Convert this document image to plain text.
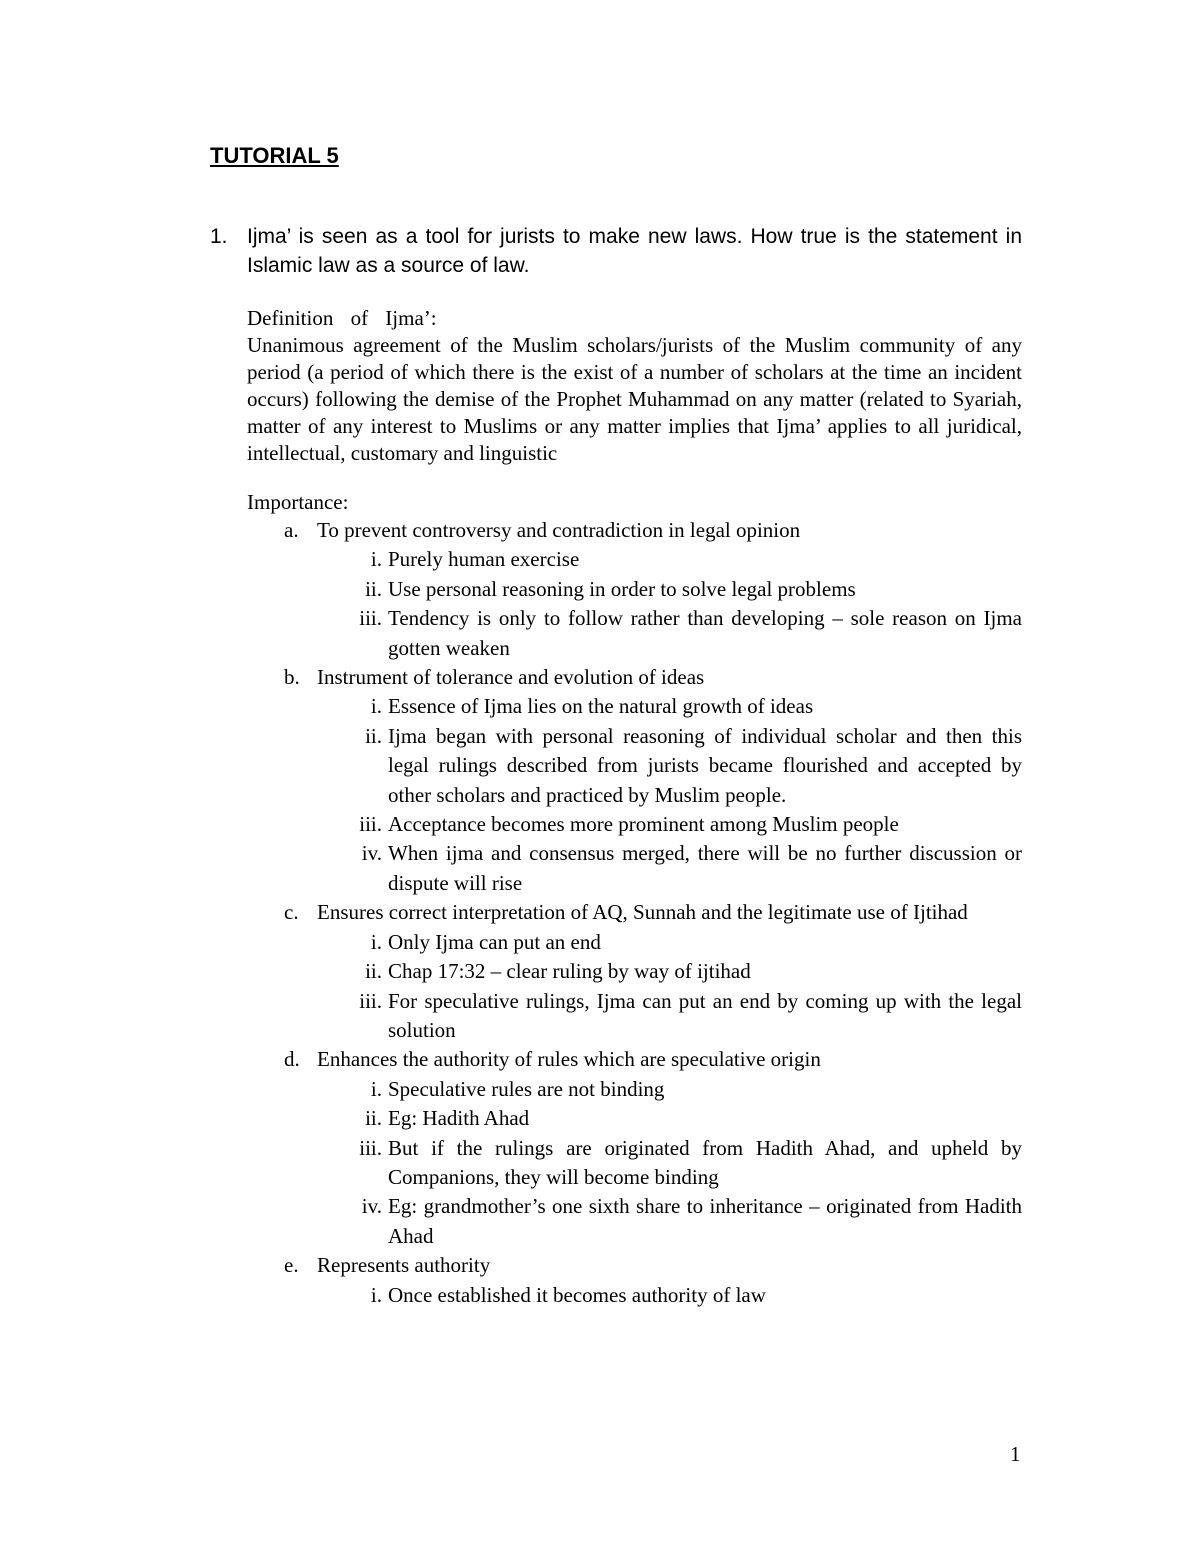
TUTORIAL 5
1. Ijma’ is seen as a tool for jurists to make new laws. How true is the statement in Islamic law as a source of law.
Definition of Ijma’:
Unanimous agreement of the Muslim scholars/jurists of the Muslim community of any period (a period of which there is the exist of a number of scholars at the time an incident occurs) following the demise of the Prophet Muhammad on any matter (related to Syariah, matter of any interest to Muslims or any matter implies that Ijma’ applies to all juridical, intellectual, customary and linguistic
Importance:
a. To prevent controversy and contradiction in legal opinion
i. Purely human exercise
ii. Use personal reasoning in order to solve legal problems
iii. Tendency is only to follow rather than developing – sole reason on Ijma gotten weaken
b. Instrument of tolerance and evolution of ideas
i. Essence of Ijma lies on the natural growth of ideas
ii. Ijma began with personal reasoning of individual scholar and then this legal rulings described from jurists became flourished and accepted by other scholars and practiced by Muslim people.
iii. Acceptance becomes more prominent among Muslim people
iv. When ijma and consensus merged, there will be no further discussion or dispute will rise
c. Ensures correct interpretation of AQ, Sunnah and the legitimate use of Ijtihad
i. Only Ijma can put an end
ii. Chap 17:32 – clear ruling by way of ijtihad
iii. For speculative rulings, Ijma can put an end by coming up with the legal solution
d. Enhances the authority of rules which are speculative origin
i. Speculative rules are not binding
ii. Eg: Hadith Ahad
iii. But if the rulings are originated from Hadith Ahad, and upheld by Companions, they will become binding
iv. Eg: grandmother’s one sixth share to inheritance – originated from Hadith Ahad
e. Represents authority
i. Once established it becomes authority of law
1
